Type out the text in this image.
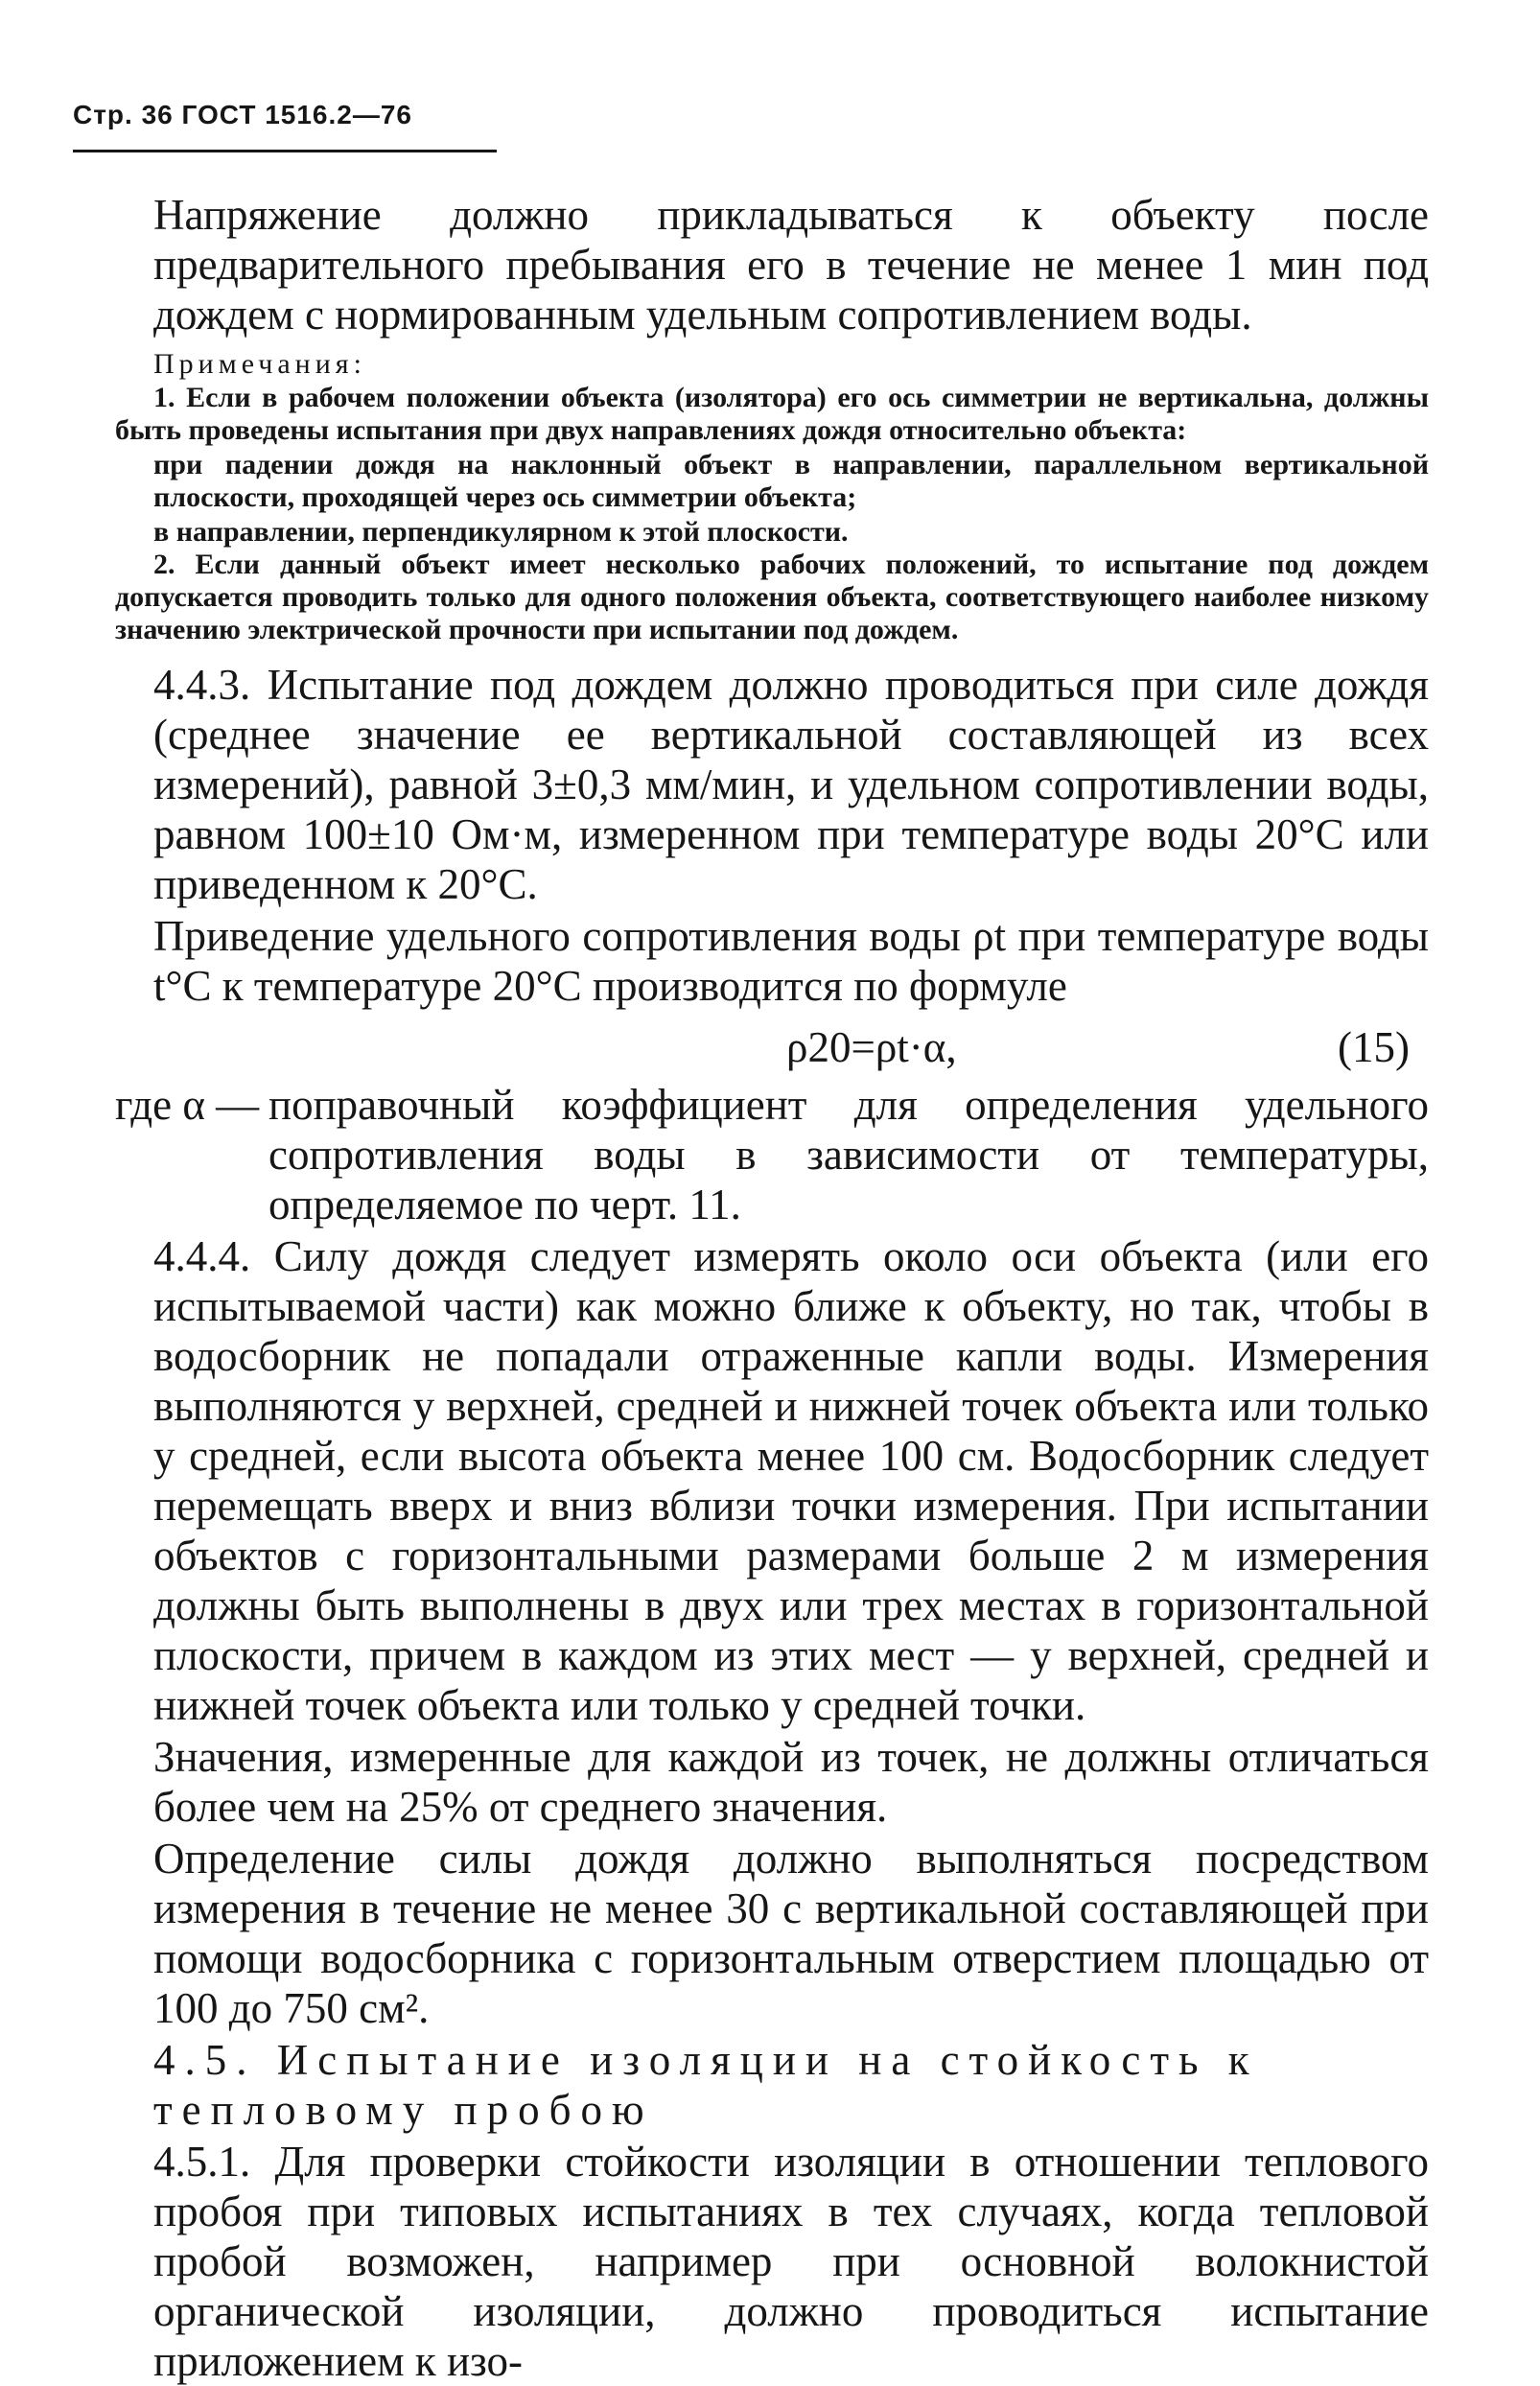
Стр. 36 ГОСТ 1516.2—76

Напряжение должно прикладываться к объекту после предварительного пребывания его в течение не менее 1 мин под дождем с нормированным удельным сопротивлением воды.

Примечания:

1. Если в рабочем положении объекта (изолятора) его ось симметрии не вертикальна, должны быть проведены испытания при двух направлениях дождя относительно объекта:

при падении дождя на наклонный объект в направлении, параллельном вертикальной плоскости, проходящей через ось симметрии объекта;

в направлении, перпендикулярном к этой плоскости.

2. Если данный объект имеет несколько рабочих положений, то испытание под дождем допускается проводить только для одного положения объекта, соответствующего наиболее низкому значению электрической прочности при испытании под дождем.

4.4.3. Испытание под дождем должно проводиться при силе дождя (среднее значение ее вертикальной составляющей из всех измерений), равной 3±0,3 мм/мин, и удельном сопротивлении воды, равном 100±10 Ом·м, измеренном при температуре воды 20°С или приведенном к 20°С.

Приведение удельного сопротивления воды ρt при температуре воды t°С к температуре 20°С производится по формуле

ρ20=ρt·α,	(15)
где α — поправочный коэффициент для определения удельного сопротивления воды в зависимости от температуры, определяемое по черт. 11.

4.4.4. Силу дождя следует измерять около оси объекта (или его испытываемой части) как можно ближе к объекту, но так, чтобы в водосборник не попадали отраженные капли воды. Измерения выполняются у верхней, средней и нижней точек объекта или только у средней, если высота объекта менее 100 см. Водосборник следует перемещать вверх и вниз вблизи точки измерения. При испытании объектов с горизонтальными размерами больше 2 м измерения должны быть выполнены в двух или трех местах в горизонтальной плоскости, причем в каждом из этих мест — у верхней, средней и нижней точек объекта или только у средней точки.

Значения, измеренные для каждой из точек, не должны отличаться более чем на 25% от среднего значения.

Определение силы дождя должно выполняться посредством измерения в течение не менее 30 с вертикальной составляющей при помощи водосборника с горизонтальным отверстием площадью от 100 до 750 см².

4.5. Испытание изоляции на стойкость к тепловому пробою

4.5.1. Для проверки стойкости изоляции в отношении теплового пробоя при типовых испытаниях в тех случаях, когда тепловой пробой возможен, например при основной волокнистой органической изоляции, должно проводиться испытание приложением к изо-
